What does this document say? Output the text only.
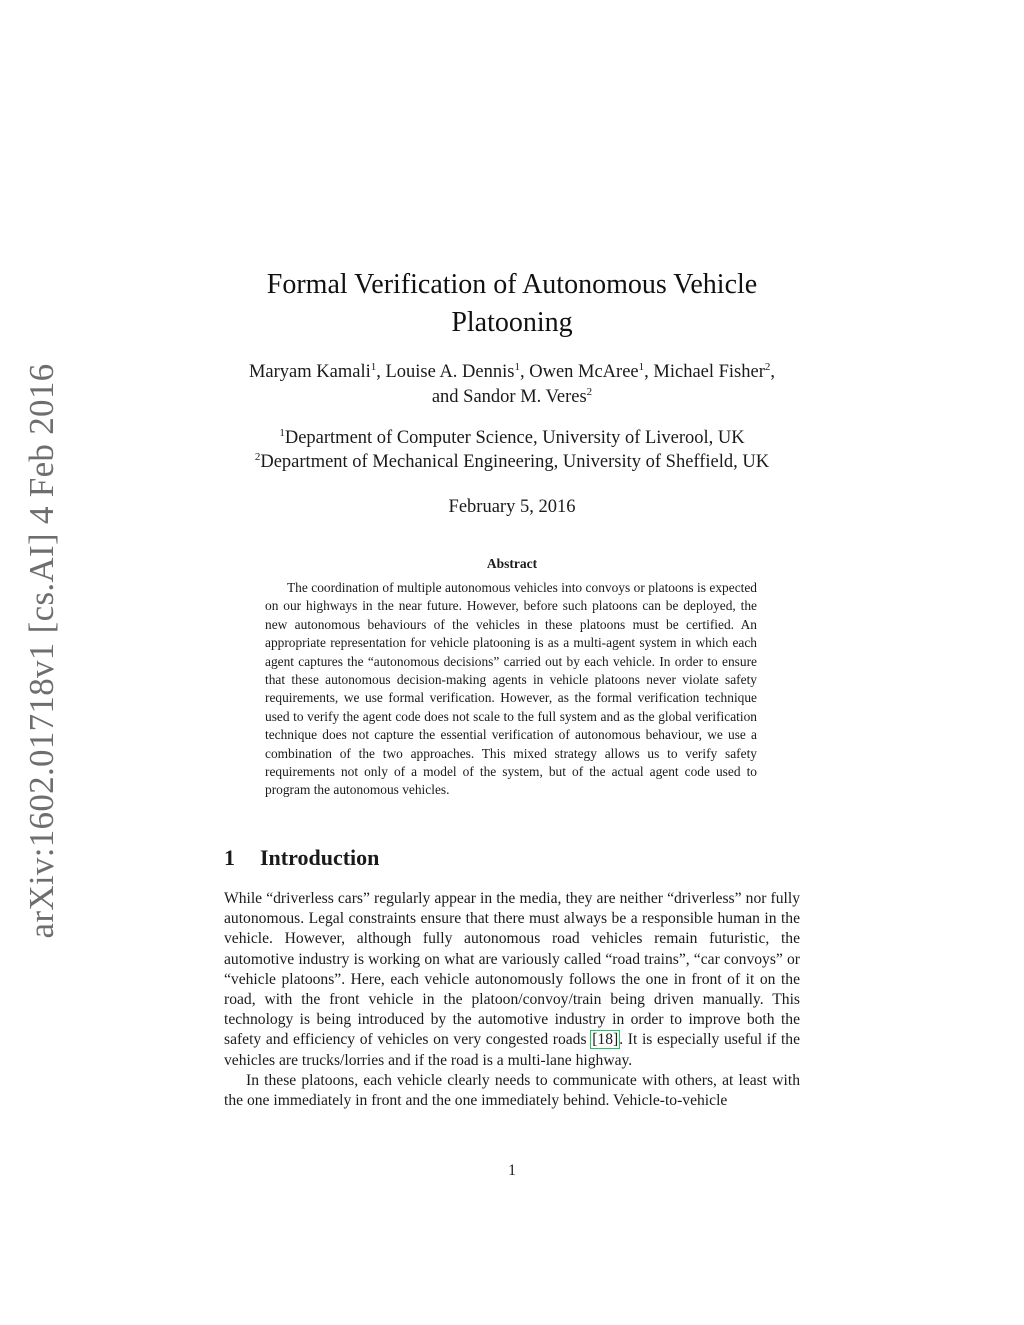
arXiv:1602.01718v1 [cs.AI] 4 Feb 2016
Formal Verification of Autonomous Vehicle
Platooning
Maryam Kamali$^1$, Louise A. Dennis$^1$, Owen McAree$^1$, Michael Fisher$^2$,
and Sandor M. Veres$^2$
$^1$Department of Computer Science, University of Liverool, UK
$^2$Department of Mechanical Engineering, University of Sheffield, UK
February 5, 2016
Abstract
The coordination of multiple autonomous vehicles into convoys or platoons is expected on our highways in the near future. However, before such platoons can be deployed, the new autonomous behaviours of the vehicles in these platoons must be certified. An appropriate representation for vehicle platooning is as a multi-agent system in which each agent captures the “autonomous decisions” carried out by each vehicle. In order to ensure that these autonomous decision-making agents in vehicle platoons never violate safety requirements, we use formal verification. However, as the formal verification technique used to verify the agent code does not scale to the full system and as the global verification technique does not capture the essential verification of autonomous behaviour, we use a combination of the two approaches. This mixed strategy allows us to verify safety requirements not only of a model of the system, but of the actual agent code used to program the autonomous vehicles.
1	Introduction

While “driverless cars” regularly appear in the media, they are neither “driverless” nor fully autonomous. Legal constraints ensure that there must always be a responsible human in the vehicle. However, although fully autonomous road vehicles remain futuristic, the automotive industry is working on what are variously called “road trains”, “car convoys” or “vehicle platoons”. Here, each vehicle autonomously follows the one in front of it on the road, with the front vehicle in the platoon/convoy/train being driven manually. This technology is being introduced by the automotive industry in order to improve both the safety and efficiency of vehicles on very congested roads [18]. It is especially useful if the vehicles are trucks/lorries and if the road is a multi-lane highway.

In these platoons, each vehicle clearly needs to communicate with others, at least with the one immediately in front and the one immediately behind. Vehicle-to-vehicle

1
